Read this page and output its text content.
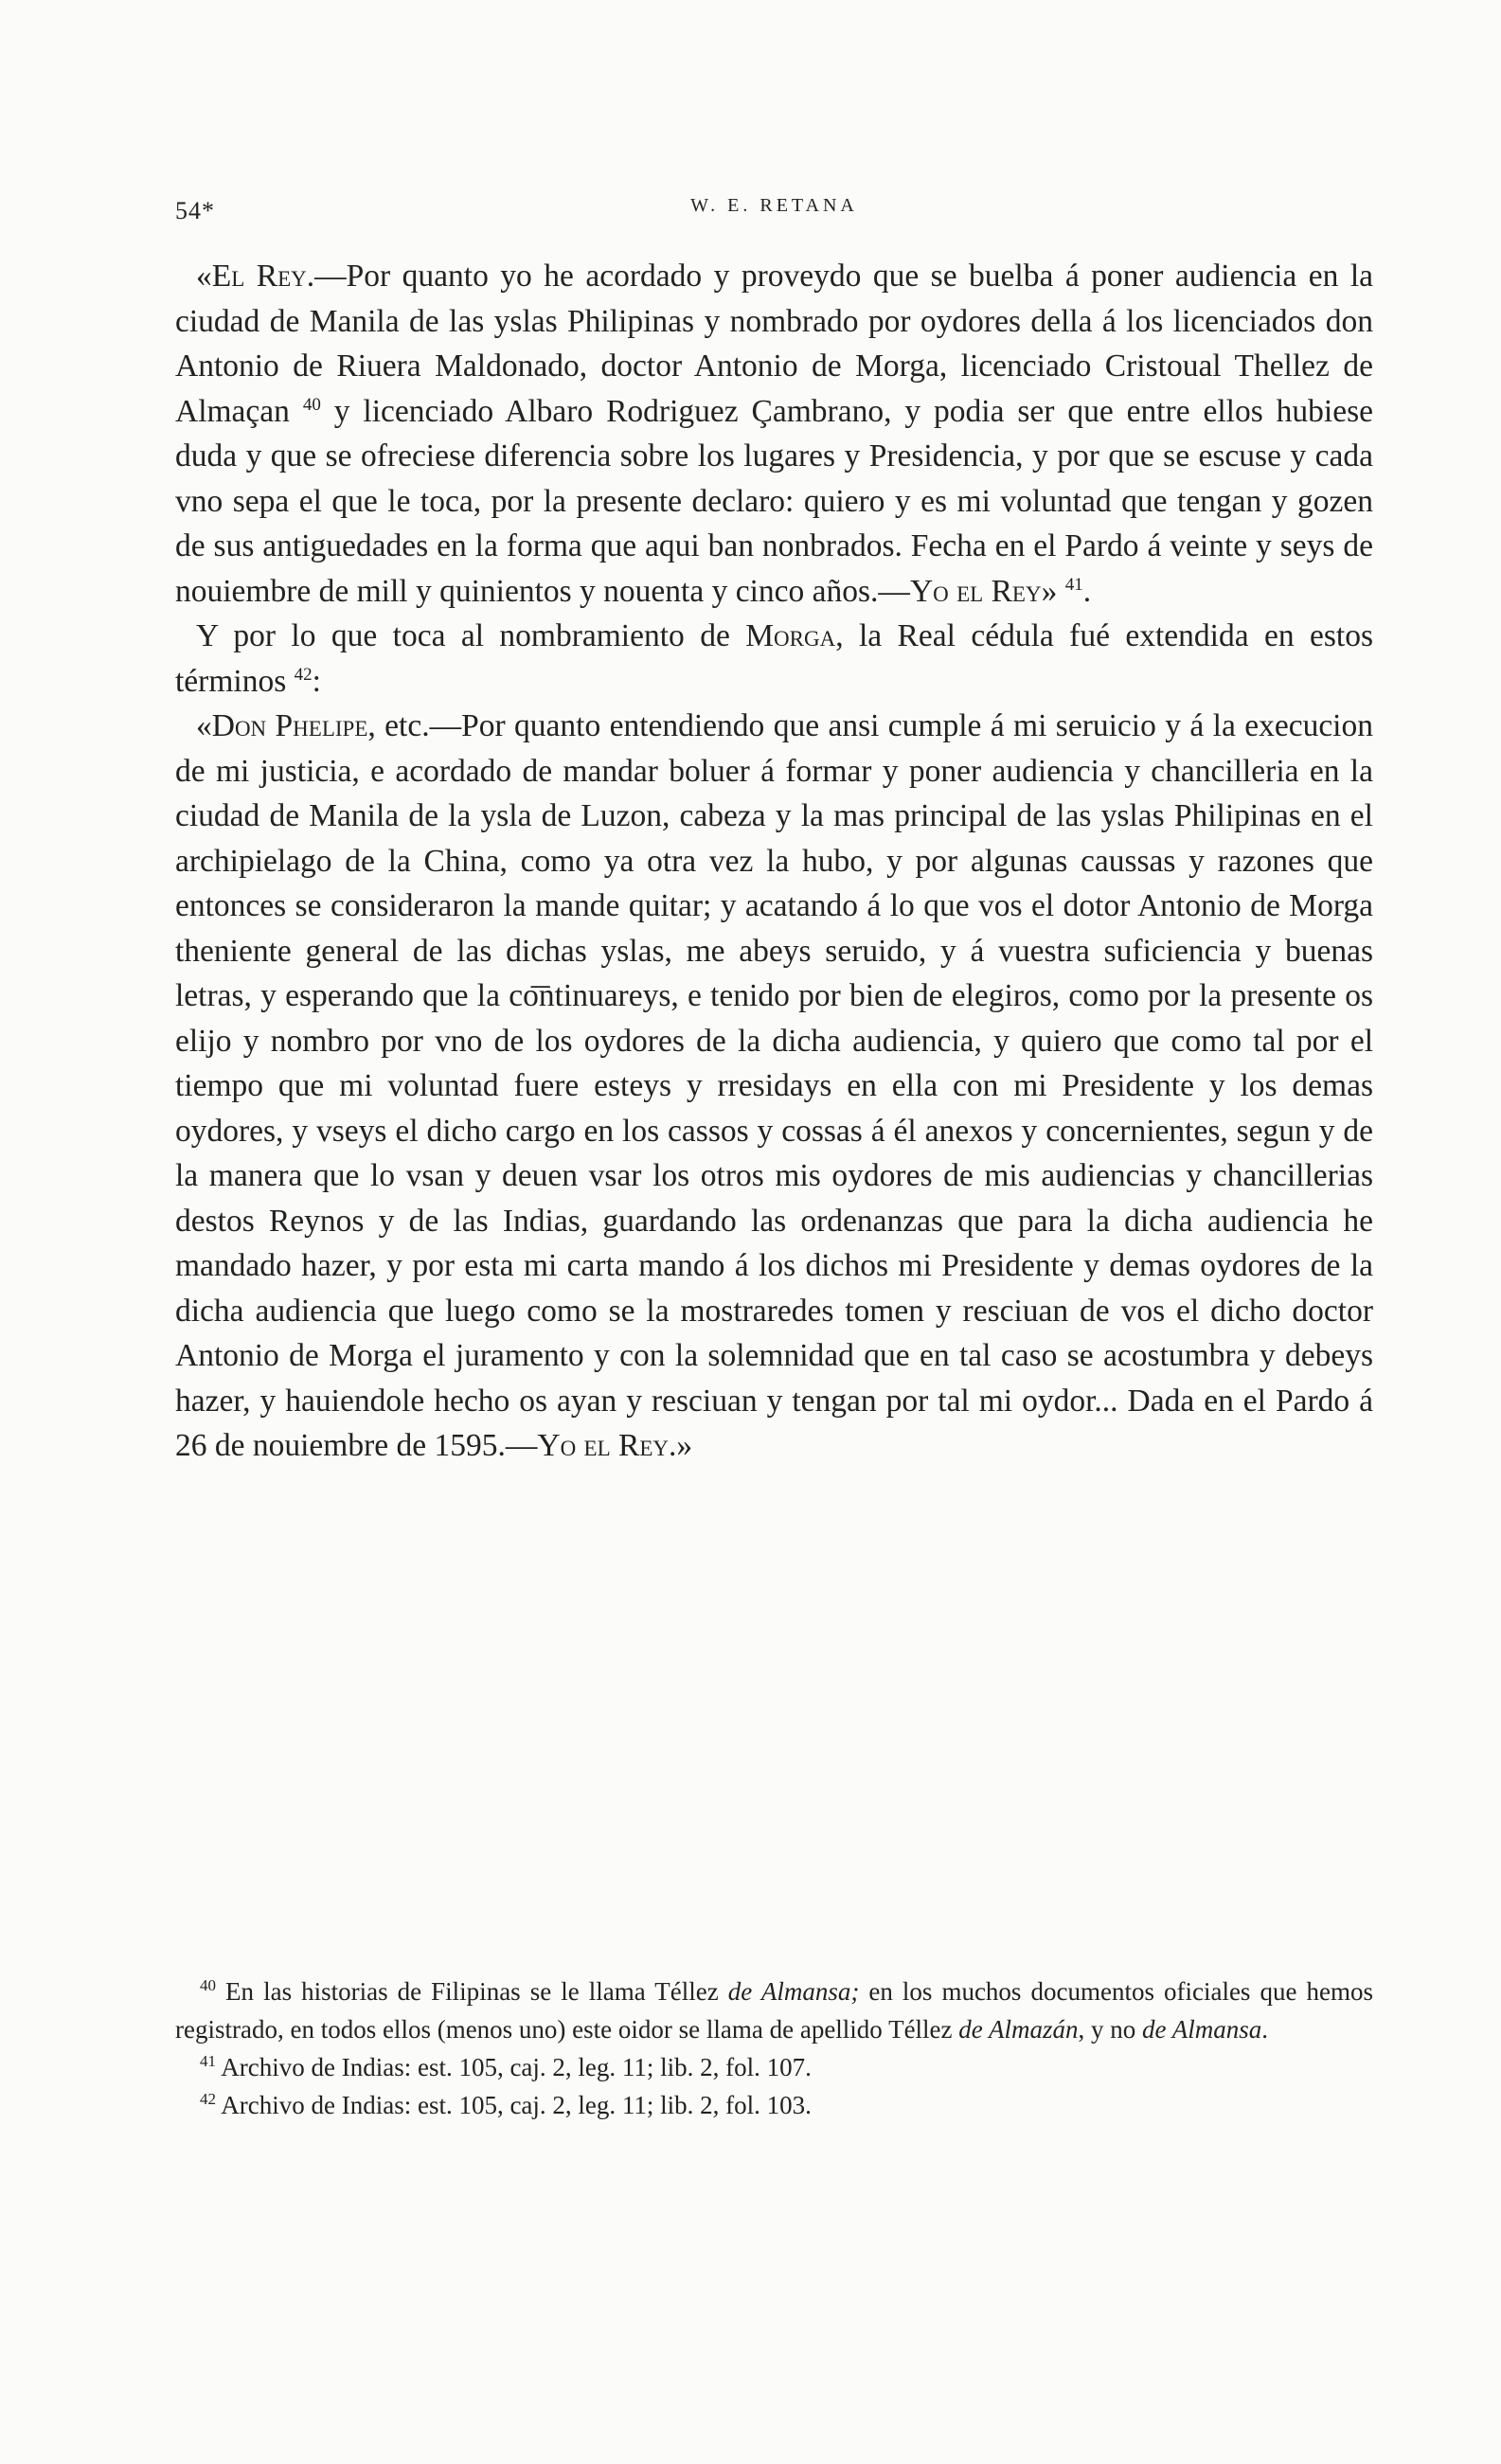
54*	W. E. RETANA

«El Rey.—Por quanto yo he acordado y proveydo que se buelba á poner audiencia en la ciudad de Manila de las yslas Philipinas y nombrado por oydores della á los licenciados don Antonio de Riuera Maldonado, doctor Antonio de Morga, licenciado Cristoual Thellez de Almaçan $^{40}$ y licenciado Albaro Rodriguez Çambrano, y podia ser que entre ellos hubiese duda y que se ofreciese diferencia sobre los lugares y Presidencia, y por que se escuse y cada vno sepa el que le toca, por la presente declaro: quiero y es mi voluntad que tengan y gozen de sus antiguedades en la forma que aqui ban nonbrados. Fecha en el Pardo á veinte y seys de nouiembre de mill y quinientos y nouenta y cinco años.—Yo el Rey» $^{41}$.

Y por lo que toca al nombramiento de Morga, la Real cédula fué extendida en estos términos $^{42}$:

«Don Phelipe, etc.—Por quanto entendiendo que ansi cumple á mi seruicio y á la execucion de mi justicia, e acordado de mandar boluer á formar y poner audiencia y chancilleria en la ciudad de Manila de la ysla de Luzon, cabeza y la mas principal de las yslas Philipinas en el archipielago de la China, como ya otra vez la hubo, y por algunas caussas y razones que entonces se consideraron la mande quitar; y acatando á lo que vos el dotor Antonio de Morga theniente general de las dichas yslas, me abeys seruido, y á vuestra suficiencia y buenas letras, y esperando que la co͞ntinuareys, e tenido por bien de elegiros, como por la presente os elijo y nombro por vno de los oydores de la dicha audiencia, y quiero que como tal por el tiempo que mi voluntad fuere esteys y rresidays en ella con mi Presidente y los demas oydores, y vseys el dicho cargo en los cassos y cossas á él anexos y concernientes, segun y de la manera que lo vsan y deuen vsar los otros mis oydores de mis audiencias y chancillerias destos Reynos y de las Indias, guardando las ordenanzas que para la dicha audiencia he mandado hazer, y por esta mi carta mando á los dichos mi Presidente y demas oydores de la dicha audiencia que luego como se la mostraredes tomen y resciuan de vos el dicho doctor Antonio de Morga el juramento y con la solemnidad que en tal caso se acostumbra y debeys hazer, y hauiendole hecho os ayan y resciuan y tengan por tal mi oydor... Dada en el Pardo á 26 de nouiembre de 1595.—Yo el Rey.»

$^{40}$ En las historias de Filipinas se le llama Téllez de Almansa; en los muchos documentos oficiales que hemos registrado, en todos ellos (menos uno) este oidor se llama de apellido Téllez de Almazán, y no de Almansa.

$^{41}$ Archivo de Indias: est. 105, caj. 2, leg. 11; lib. 2, fol. 107.

$^{42}$ Archivo de Indias: est. 105, caj. 2, leg. 11; lib. 2, fol. 103.
